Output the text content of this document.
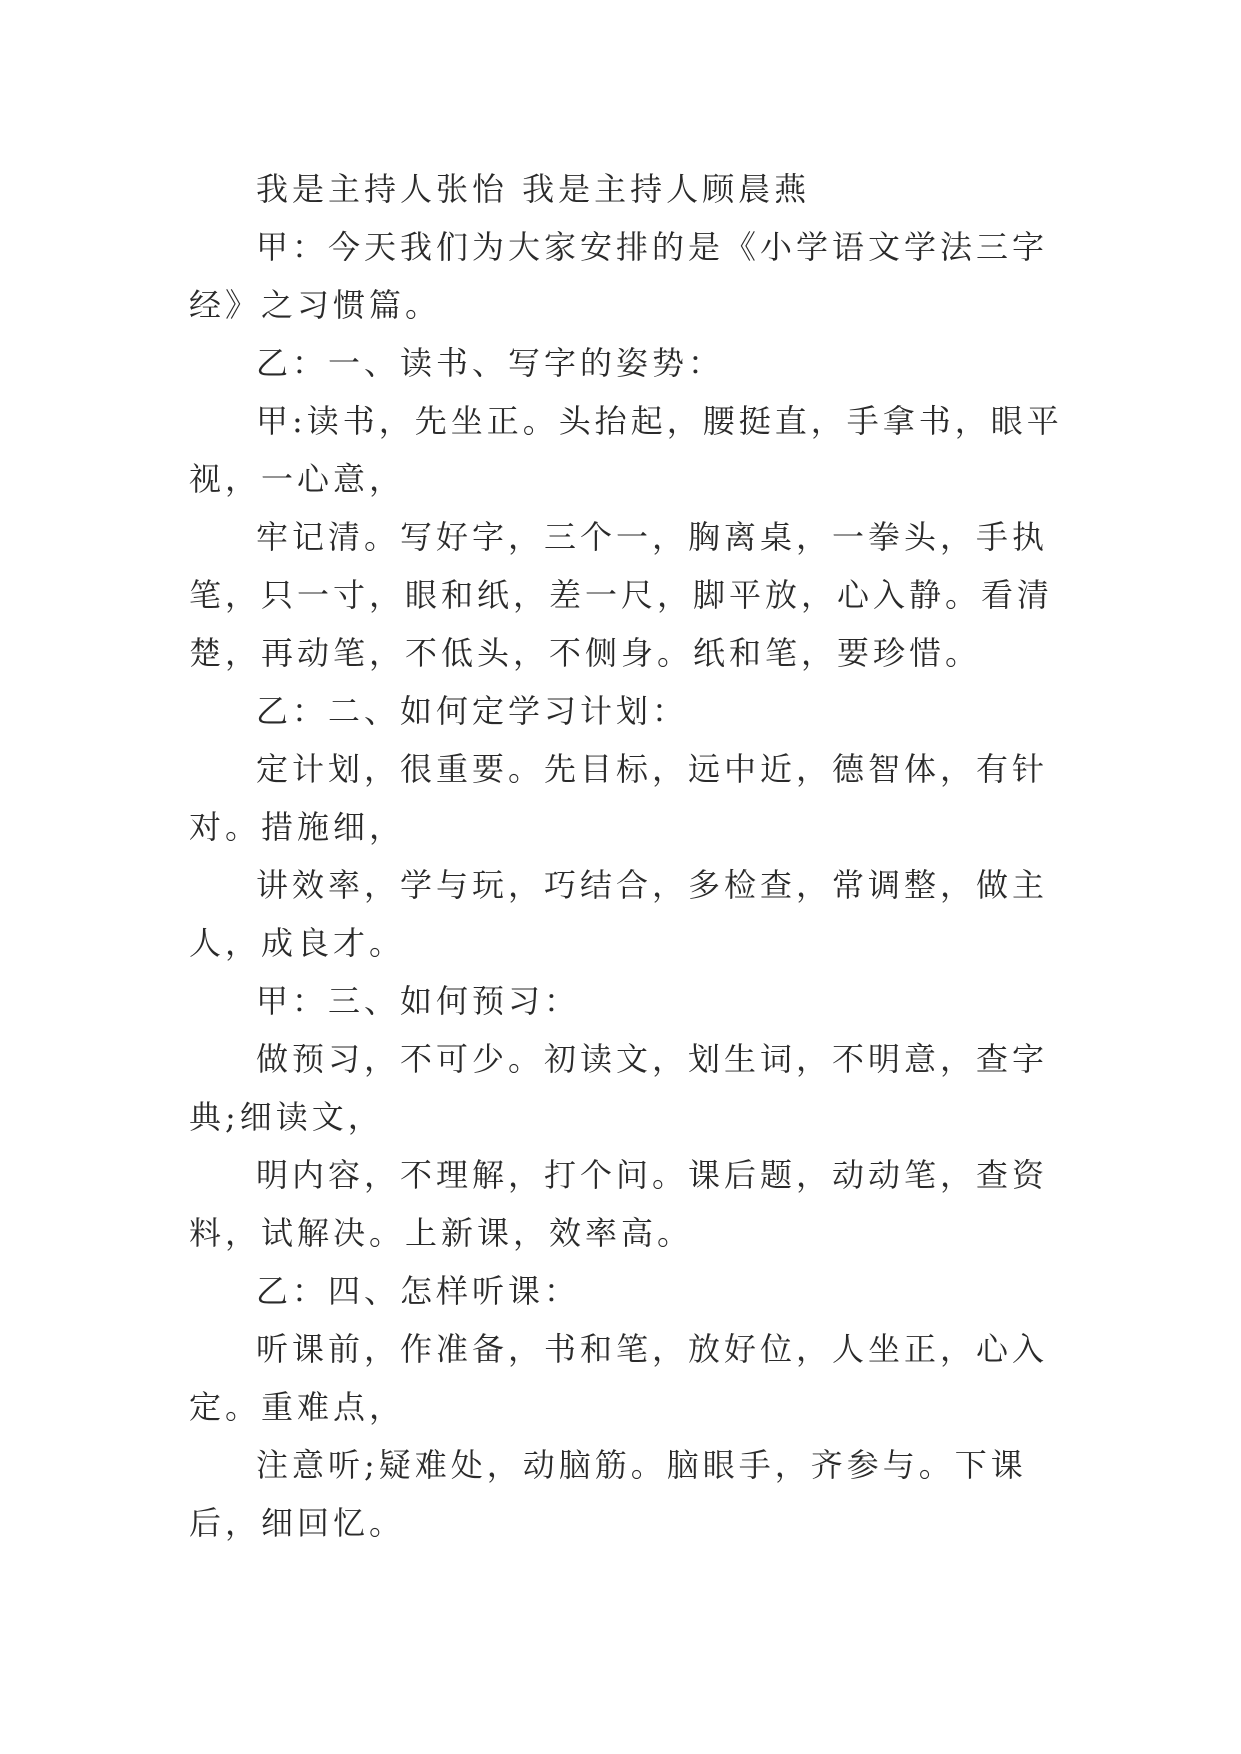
我是主持人张怡 我是主持人顾晨燕

甲：今天我们为大家安排的是《小学语文学法三字经》之习惯篇。

乙：一、读书、写字的姿势：

甲:读书，先坐正。头抬起，腰挺直，手拿书，眼平视，一心意，

牢记清。写好字，三个一，胸离桌，一拳头，手执笔，只一寸，眼和纸，差一尺，脚平放，心入静。看清楚，再动笔，不低头，不侧身。纸和笔，要珍惜。

乙：二、如何定学习计划：

定计划，很重要。先目标，远中近，德智体，有针对。措施细，

讲效率，学与玩，巧结合，多检查，常调整，做主人，成良才。

甲：三、如何预习：

做预习，不可少。初读文，划生词，不明意，查字典;细读文，

明内容，不理解，打个问。课后题，动动笔，查资料，试解决。上新课，效率高。

乙：四、怎样听课：

听课前，作准备，书和笔，放好位，人坐正，心入定。重难点，

注意听;疑难处，动脑筋。脑眼手，齐参与。下课后，细回忆。
